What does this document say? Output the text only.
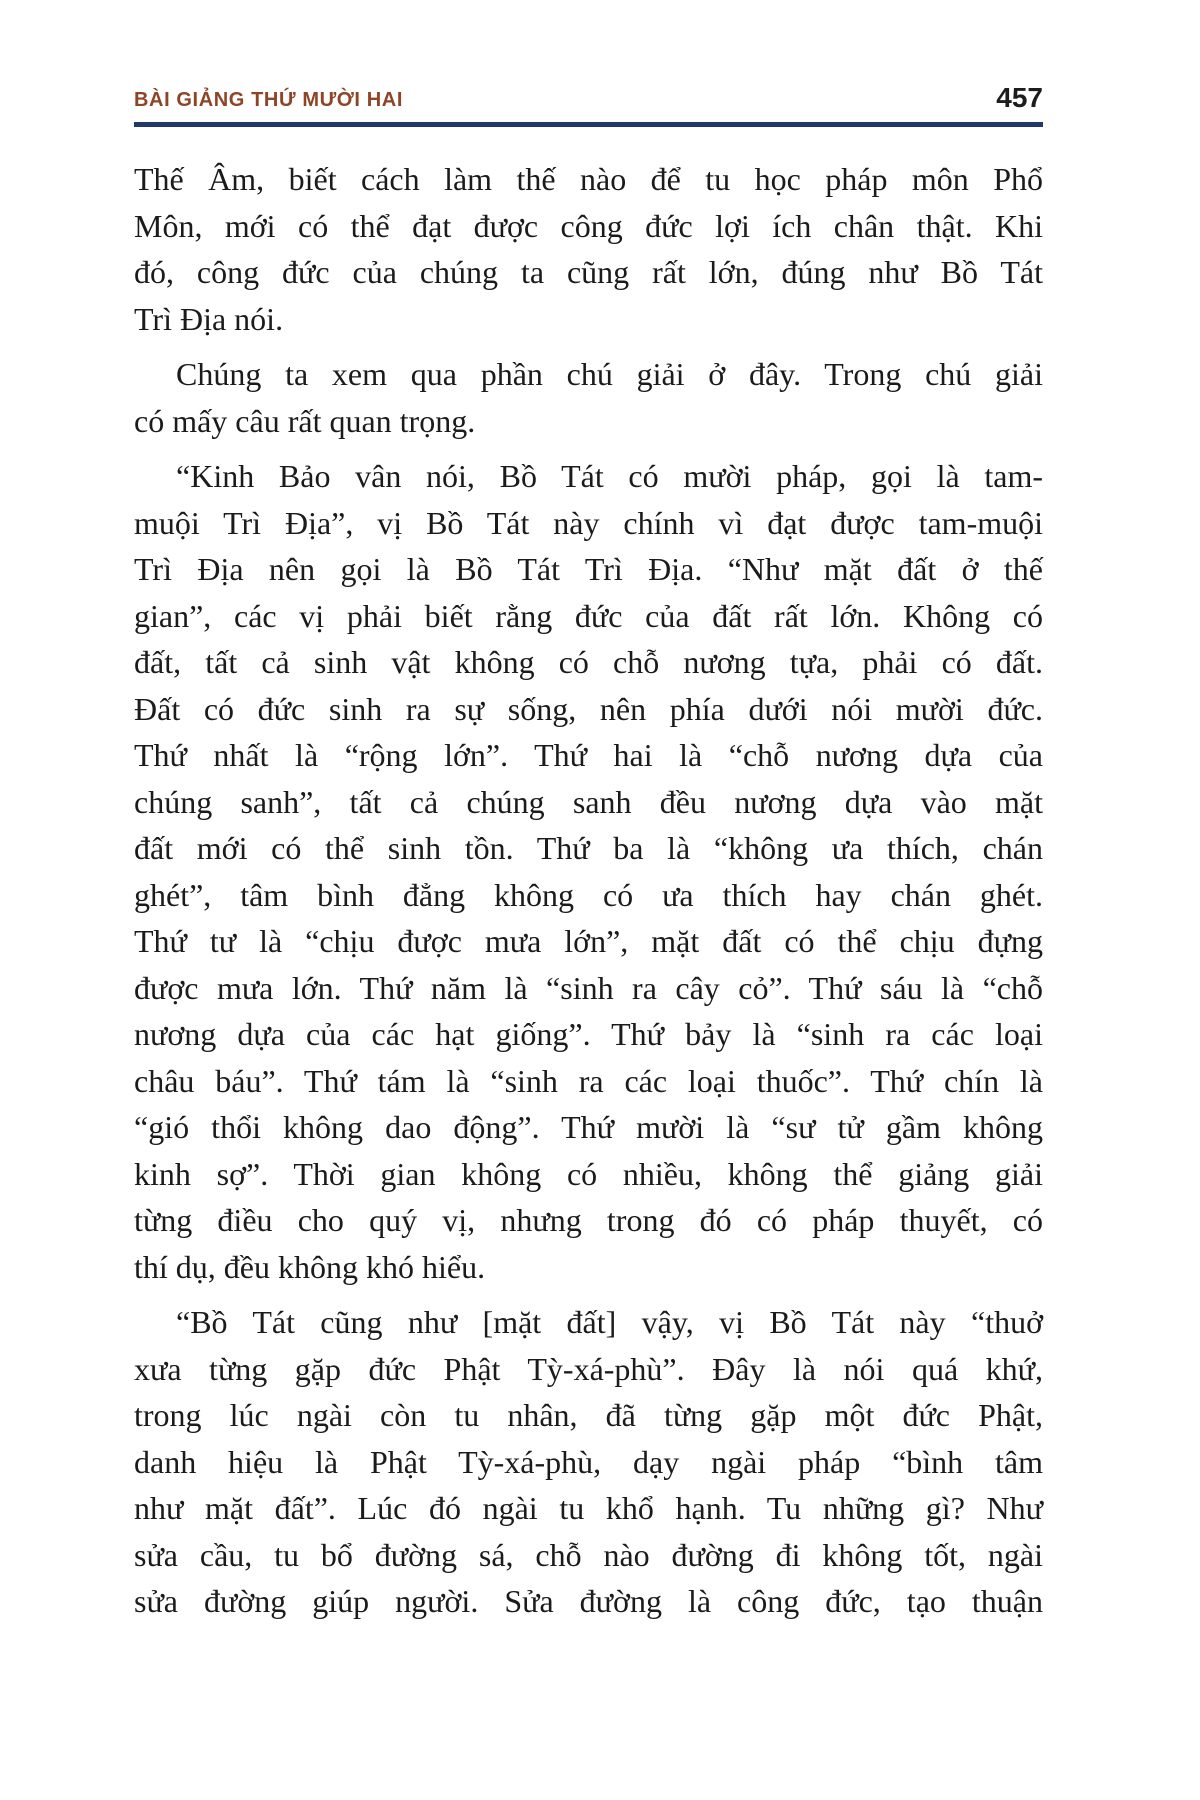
BÀI GIẢNG THỨ MƯỜI HAI	457
Thế Âm, biết cách làm thế nào để tu học pháp môn Phổ
Môn, mới có thể đạt được công đức lợi ích chân thật. Khi
đó, công đức của chúng ta cũng rất lớn, đúng như Bồ Tát
Trì Địa nói.
Chúng ta xem qua phần chú giải ở đây. Trong chú giải
có mấy câu rất quan trọng.
“Kinh Bảo vân nói, Bồ Tát có mười pháp, gọi là tam-
muội Trì Địa”, vị Bồ Tát này chính vì đạt được tam-muội
Trì Địa nên gọi là Bồ Tát Trì Địa. “Như mặt đất ở thế
gian”, các vị phải biết rằng đức của đất rất lớn. Không có
đất, tất cả sinh vật không có chỗ nương tựa, phải có đất.
Đất có đức sinh ra sự sống, nên phía dưới nói mười đức.
Thứ nhất là “rộng lớn”. Thứ hai là “chỗ nương dựa của
chúng sanh”, tất cả chúng sanh đều nương dựa vào mặt
đất mới có thể sinh tồn. Thứ ba là “không ưa thích, chán
ghét”, tâm bình đẳng không có ưa thích hay chán ghét.
Thứ tư là “chịu được mưa lớn”, mặt đất có thể chịu đựng
được mưa lớn. Thứ năm là “sinh ra cây cỏ”. Thứ sáu là “chỗ
nương dựa của các hạt giống”. Thứ bảy là “sinh ra các loại
châu báu”. Thứ tám là “sinh ra các loại thuốc”. Thứ chín là
“gió thổi không dao động”. Thứ mười là “sư tử gầm không
kinh sợ”. Thời gian không có nhiều, không thể giảng giải
từng điều cho quý vị, nhưng trong đó có pháp thuyết, có
thí dụ, đều không khó hiểu.
“Bồ Tát cũng như [mặt đất] vậy, vị Bồ Tát này “thuở
xưa từng gặp đức Phật Tỳ-xá-phù”. Đây là nói quá khứ,
trong lúc ngài còn tu nhân, đã từng gặp một đức Phật,
danh hiệu là Phật Tỳ-xá-phù, dạy ngài pháp “bình tâm
như mặt đất”. Lúc đó ngài tu khổ hạnh. Tu những gì? Như
sửa cầu, tu bổ đường sá, chỗ nào đường đi không tốt, ngài
sửa đường giúp người. Sửa đường là công đức, tạo thuận
